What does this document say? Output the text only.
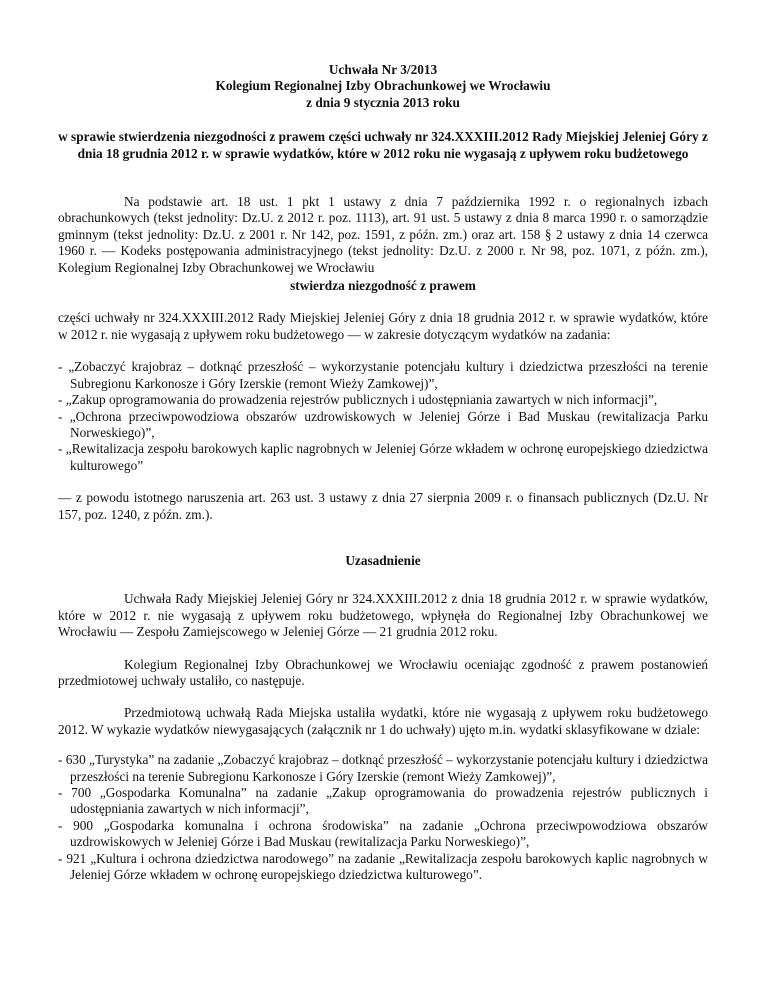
Uchwała Nr 3/2013

Kolegium Regionalnej Izby Obrachunkowej we Wrocławiu

z dnia 9 stycznia 2013 roku

w sprawie stwierdzenia niezgodności z prawem części uchwały nr 324.XXXIII.2012 Rady Miejskiej Jeleniej Góry z dnia 18 grudnia 2012 r. w sprawie wydatków, które w 2012 roku nie wygasają z upływem roku budżetowego

Na podstawie art. 18 ust. 1 pkt 1 ustawy z dnia 7 października 1992 r. o regionalnych izbach obrachunkowych (tekst jednolity: Dz.U. z 2012 r. poz. 1113), art. 91 ust. 5 ustawy z dnia 8 marca 1990 r. o samorządzie gminnym (tekst jednolity: Dz.U. z 2001 r. Nr 142, poz. 1591, z późn. zm.) oraz art. 158 § 2 ustawy z dnia 14 czerwca 1960 r. — Kodeks postępowania administracyjnego (tekst jednolity: Dz.U. z 2000 r. Nr 98, poz. 1071, z późn. zm.), Kolegium Regionalnej Izby Obrachunkowej we Wrocławiu

stwierdza niezgodność z prawem

części uchwały nr 324.XXXIII.2012 Rady Miejskiej Jeleniej Góry z dnia 18 grudnia 2012 r. w sprawie wydatków, które w 2012 r. nie wygasają z upływem roku budżetowego — w zakresie dotyczącym wydatków na zadania:

- „Zobaczyć krajobraz – dotknąć przeszłość – wykorzystanie potencjału kultury i dziedzictwa przeszłości na terenie Subregionu Karkonosze i Góry Izerskie (remont Wieży Zamkowej)”,
- „Zakup oprogramowania do prowadzenia rejestrów publicznych i udostępniania zawartych w nich informacji”,
- „Ochrona przeciwpowodziowa obszarów uzdrowiskowych w Jeleniej Górze i Bad Muskau (rewitalizacja Parku Norweskiego)”,
- „Rewitalizacja zespołu barokowych kaplic nagrobnych w Jeleniej Górze wkładem w ochronę europejskiego dziedzictwa kulturowego”

— z powodu istotnego naruszenia art. 263 ust. 3 ustawy z dnia 27 sierpnia 2009 r. o finansach publicznych (Dz.U. Nr 157, poz. 1240, z późn. zm.).

Uzasadnienie

Uchwała Rady Miejskiej Jeleniej Góry nr 324.XXXIII.2012 z dnia 18 grudnia 2012 r. w sprawie wydatków, które w 2012 r. nie wygasają z upływem roku budżetowego, wpłynęła do Regionalnej Izby Obrachunkowej we Wrocławiu — Zespołu Zamiejscowego w Jeleniej Górze — 21 grudnia 2012 roku.

Kolegium Regionalnej Izby Obrachunkowej we Wrocławiu oceniając zgodność z prawem postanowień przedmiotowej uchwały ustaliło, co następuje.

Przedmiotową uchwałą Rada Miejska ustaliła wydatki, które nie wygasają z upływem roku budżetowego 2012. W wykazie wydatków niewygasających (załącznik nr 1 do uchwały) ujęto m.in. wydatki sklasyfikowane w dziale:

- 630 „Turystyka” na zadanie „Zobaczyć krajobraz – dotknąć przeszłość – wykorzystanie potencjału kultury i dziedzictwa przeszłości na terenie Subregionu Karkonosze i Góry Izerskie (remont Wieży Zamkowej)”,
- 700 „Gospodarka Komunalna” na zadanie „Zakup oprogramowania do prowadzenia rejestrów publicznych i udostępniania zawartych w nich informacji”,
- 900 „Gospodarka komunalna i ochrona środowiska” na zadanie „Ochrona przeciwpowodziowa obszarów uzdrowiskowych w Jeleniej Górze i Bad Muskau (rewitalizacja Parku Norweskiego)”,
- 921 „Kultura i ochrona dziedzictwa narodowego” na zadanie „Rewitalizacja zespołu barokowych kaplic nagrobnych w Jeleniej Górze wkładem w ochronę europejskiego dziedzictwa kulturowego”.
